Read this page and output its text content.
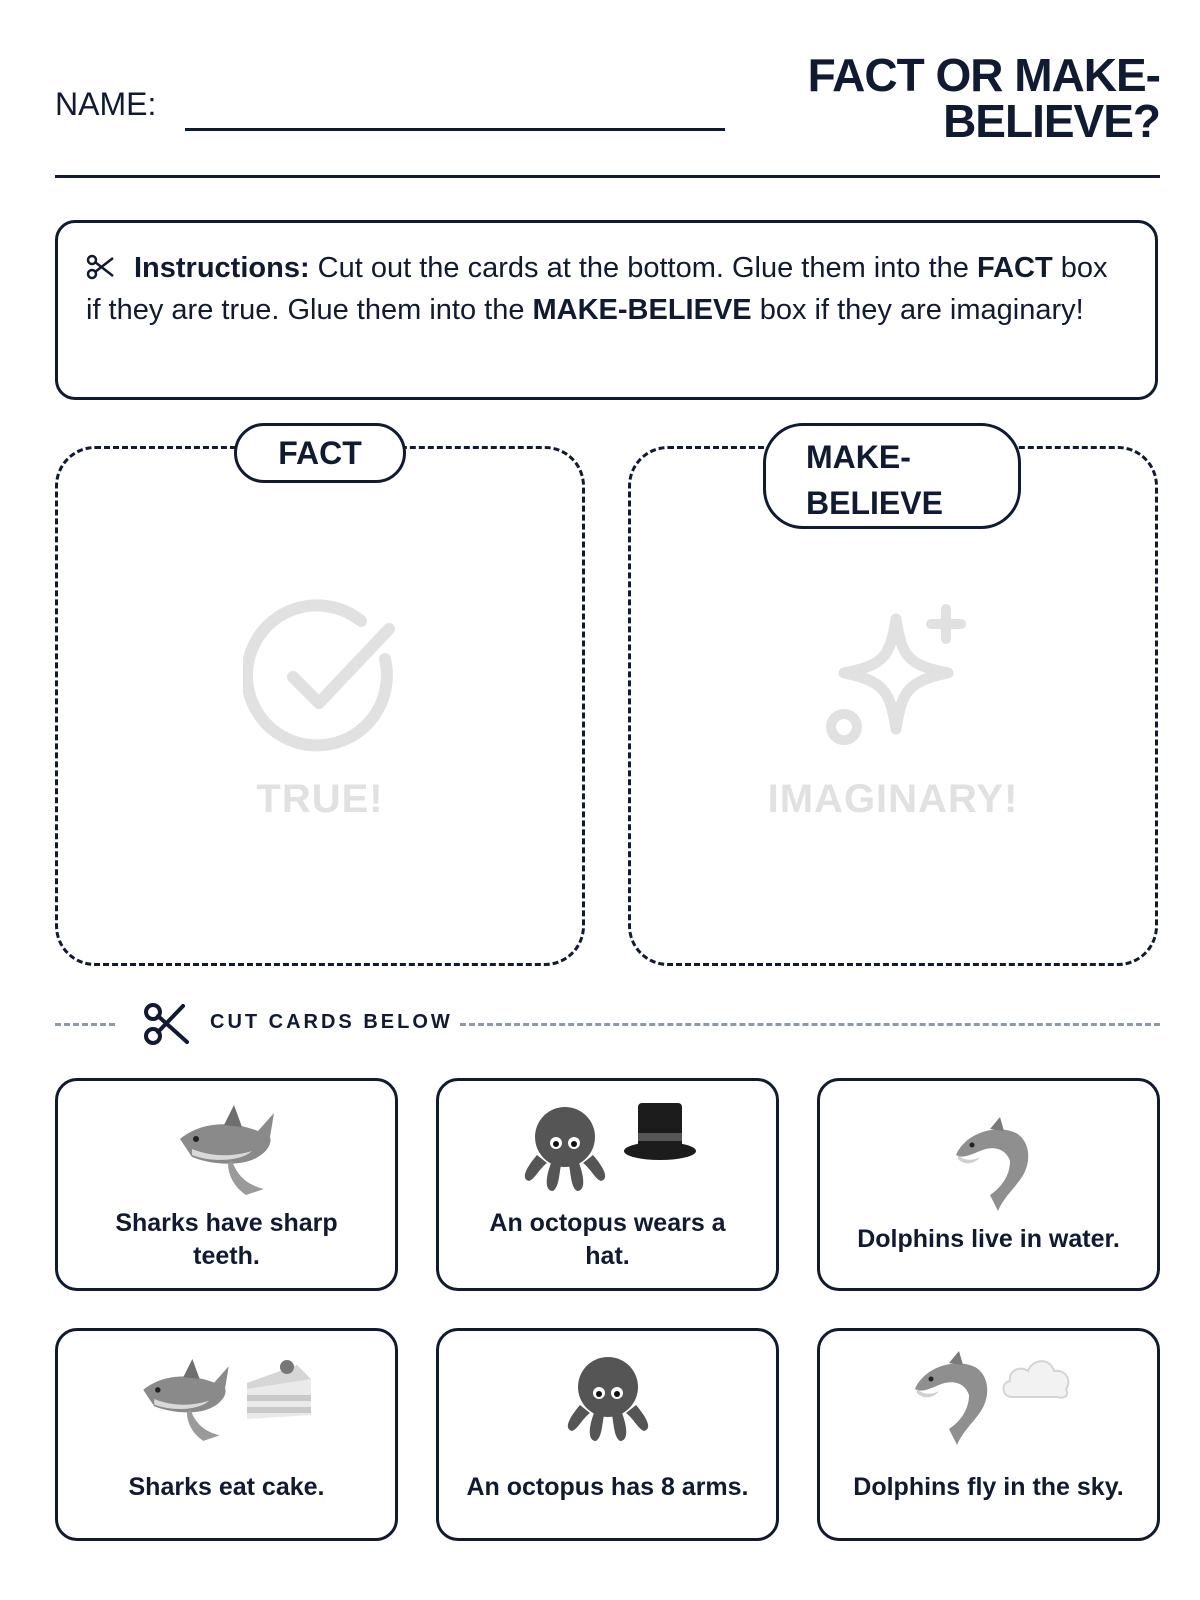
NAME:
FACT OR MAKE-BELIEVE?
Instructions: Cut out the cards at the bottom. Glue them into the FACT box if they are true. Glue them into the MAKE-BELIEVE box if they are imaginary!
FACT
TRUE!
MAKE-
BELIEVE
IMAGINARY!
CUT CARDS BELOW
Sharks have sharp
teeth.

An octopus wears a
hat.
Dolphins live in water.

Sharks eat cake.	An octopus has 8 arms.
	Dolphins fly in the sky.
